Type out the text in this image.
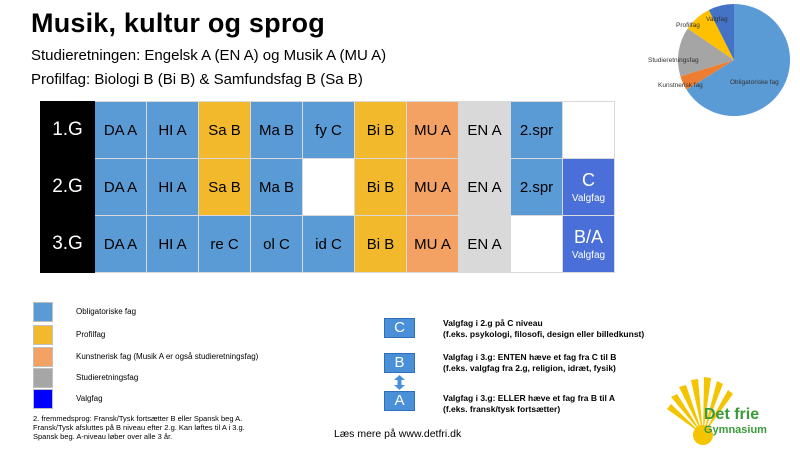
Musik, kultur og sprog
Studieretningen: Engelsk A (EN A) og Musik A (MU A)
Profilfag: Biologi B (Bi B) & Samfundsfag B (Sa B)
1.G	DA A	HI A	Sa B	Ma B	fy C	Bi B	MU A	EN A	2.spr	
2.G	DA A	HI A	Sa B	Ma B		Bi B	MU A	EN A	2.spr	C
Valgfag

3.G	DA A	HI A	re C	ol C	id C	Bi B	MU A	EN A		B/A
Valgfag
Valgfag
Profilfag
Studieretningsfag
Kunstnerisk fag	Obligatoriske fag
Obligatoriske fag
Profilfag
Kunstnerisk fag (Musik A er også studieretningsfag)
Studieretningsfag
Valgfag
2. fremmedsprog: Fransk/Tysk fortsætter B eller Spansk beg A.
Fransk/Tysk afsluttes på B niveau efter 2.g. Kan løftes til A i 3.g.
Spansk beg. A-niveau løber over alle 3 år.
C	Valgfag i 2.g på C niveau
(f.eks. psykologi, filosofi, design eller billedkunst)
B	Valgfag i 3.g: ENTEN hæve et fag fra C til B
(f.eks. valgfag fra 2.g, religion, idræt, fysik)
A	Valgfag i 3.g: ELLER hæve et fag fra B til A
(f.eks. fransk/tysk fortsætter)
Læs mere på www.detfri.dk
Det frie
Gymnasium
